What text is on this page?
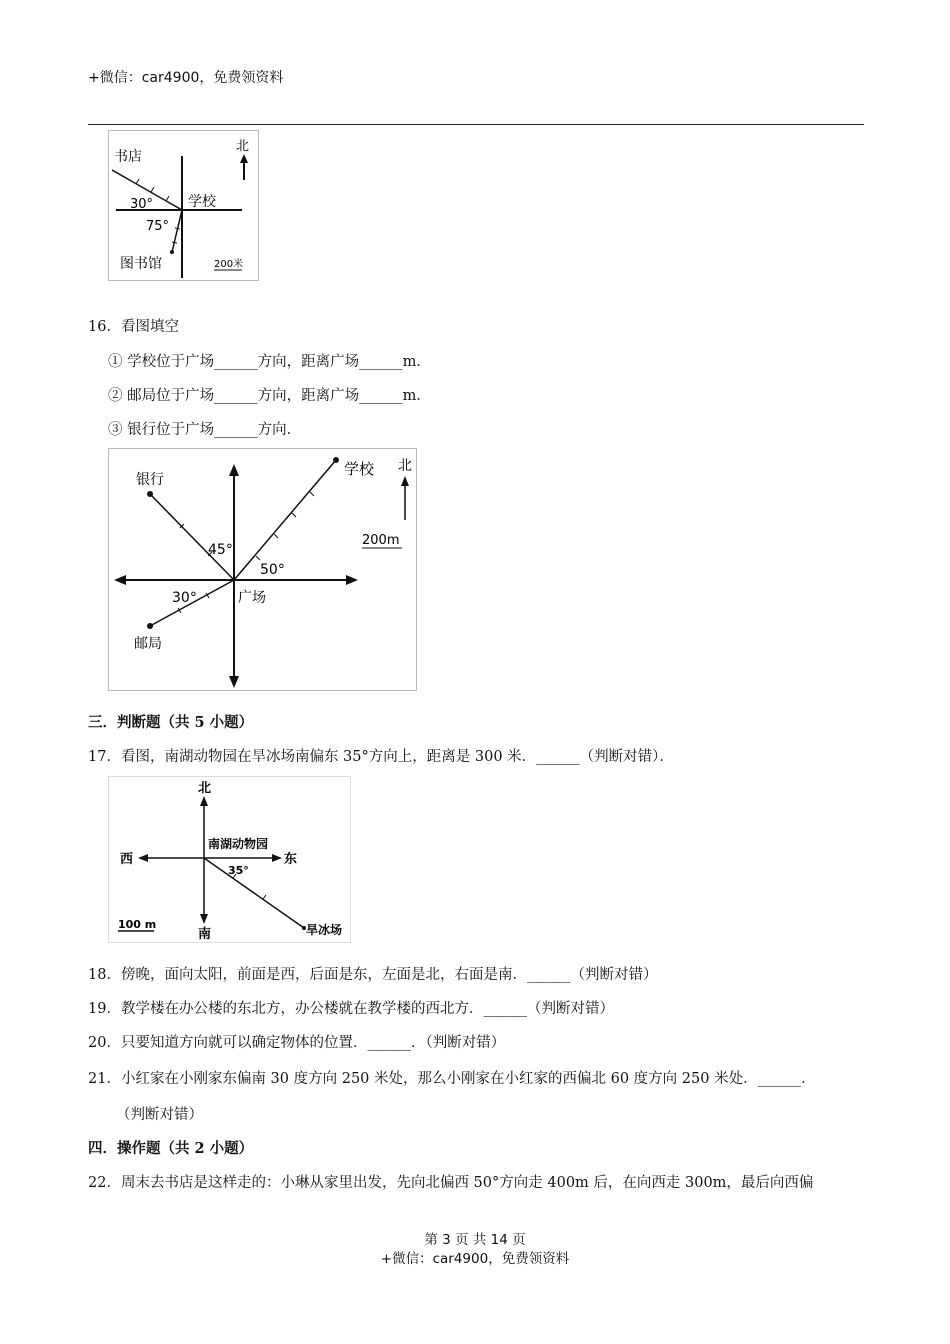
+微信：car4900，免费领资料
北
书店
学校
30°
75°
图书馆	200米
16．看图填空
① 学校位于广场______方向，距离广场______m．
② 邮局位于广场______方向，距离广场______m．
③ 银行位于广场______方向．
银行
学校 北
200m
45°
50°
30°	广场
邮局
三．判断题（共 5 小题）
17．看图，南湖动物园在旱冰场南偏东 35°方向上，距离是 300 米．______（判断对错）．
北
西	东
南
南湖动物园
35°
100 m	旱冰场
18．傍晚，面向太阳，前面是西，后面是东，左面是北，右面是南．______（判断对错）
19．教学楼在办公楼的东北方，办公楼就在教学楼的西北方．______（判断对错）
20．只要知道方向就可以确定物体的位置．______．（判断对错）
21．小红家在小刚家东偏南 30 度方向 250 米处，那么小刚家在小红家的西偏北 60 度方向 250 米处．______．
（判断对错）
四．操作题（共 2 小题）
22．周末去书店是这样走的：小琳从家里出发，先向北偏西 50°方向走 400m 后，在向西走 300m，最后向西偏
第 3 页 共 14 页
+微信：car4900，免费领资料
